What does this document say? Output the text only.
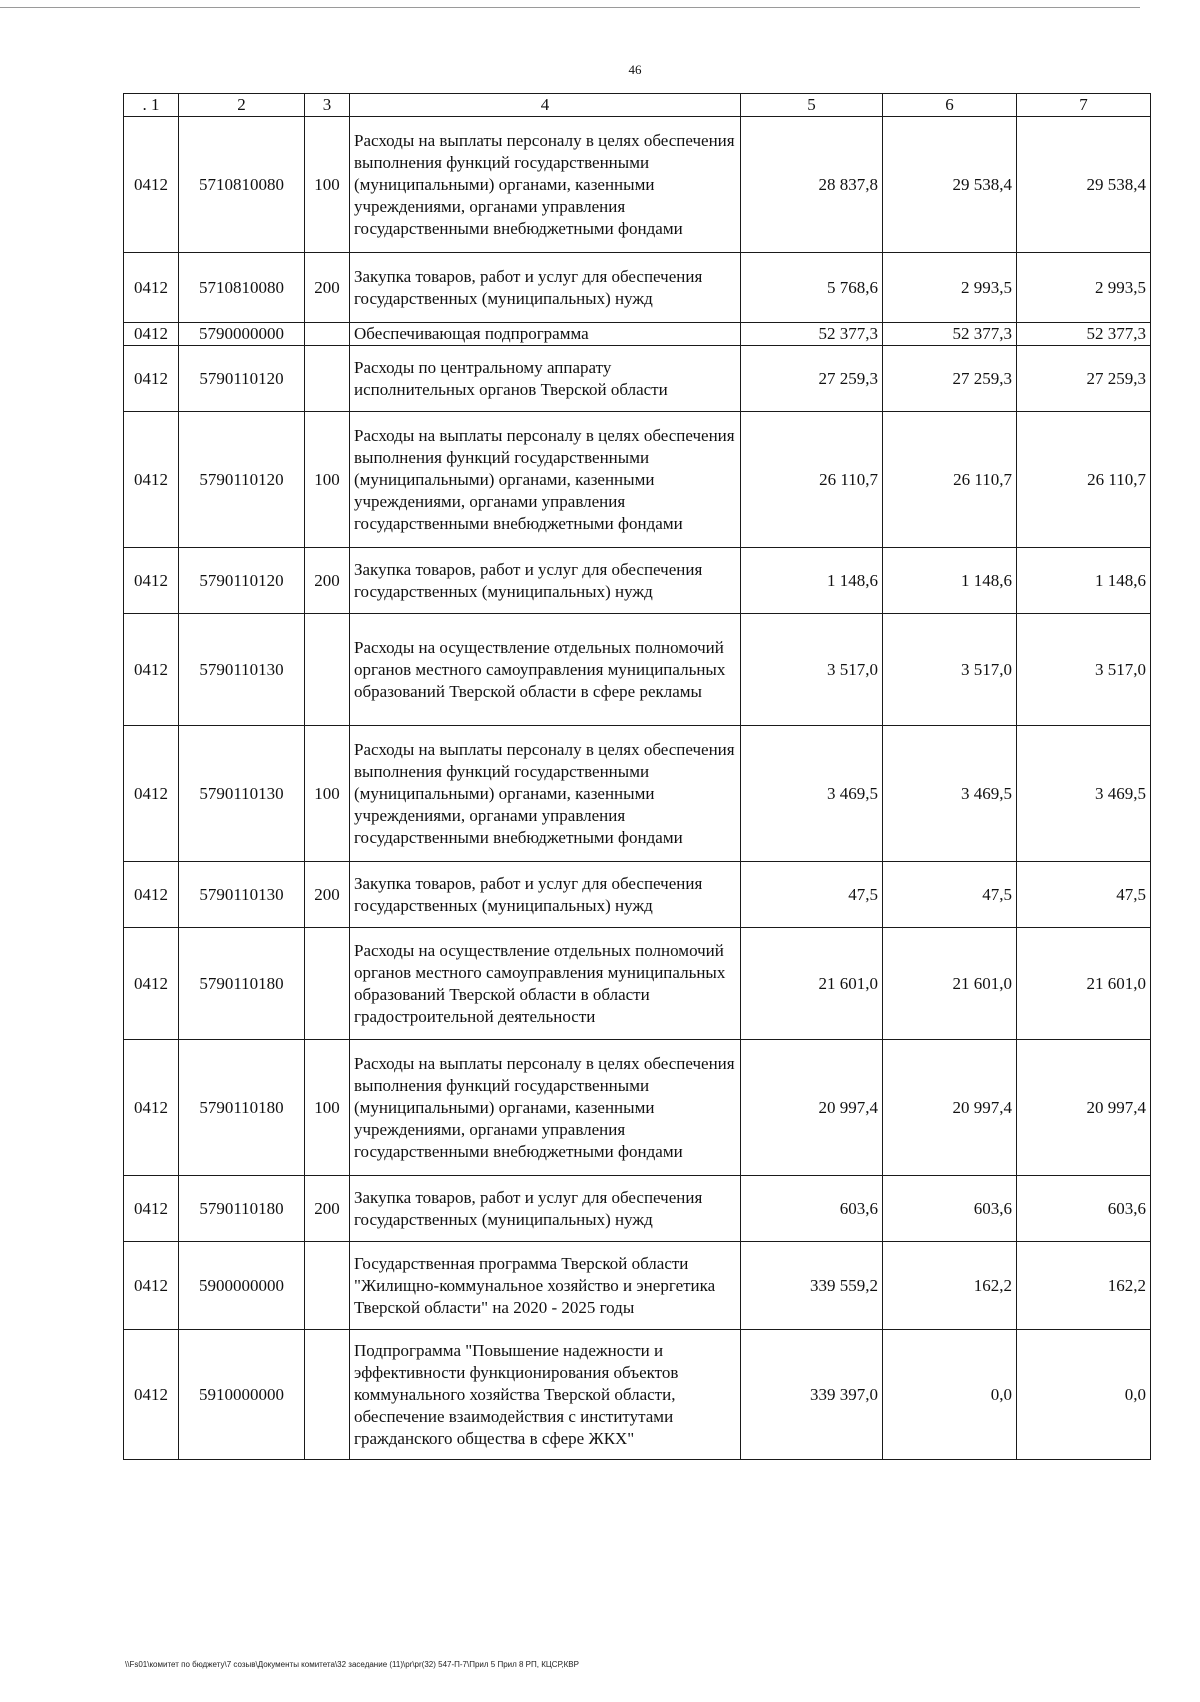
46
. 1	2	3	4	5	6	7
0412	5710810080	100	Расходы на выплаты персоналу в целях обеспечения выполнения функций государственными (муниципальными) органами, казенными учреждениями, органами управления государственными внебюджетными фондами	28 837,8	29 538,4	29 538,4
0412	5710810080	200	Закупка товаров, работ и услуг для обеспечения государственных (муниципальных) нужд	5 768,6	2 993,5	2 993,5
0412	5790000000		Обеспечивающая подпрограмма	52 377,3	52 377,3	52 377,3
0412	5790110120		Расходы по центральному аппарату исполнительных органов Тверской области	27 259,3	27 259,3	27 259,3
0412	5790110120	100	Расходы на выплаты персоналу в целях обеспечения выполнения функций государственными (муниципальными) органами, казенными учреждениями, органами управления государственными внебюджетными фондами	26 110,7	26 110,7	26 110,7
0412	5790110120	200	Закупка товаров, работ и услуг для обеспечения государственных (муниципальных) нужд	1 148,6	1 148,6	1 148,6
0412	5790110130		Расходы на осуществление отдельных полномочий органов местного самоуправления муниципальных образований Тверской области в сфере рекламы	3 517,0	3 517,0	3 517,0
0412	5790110130	100	Расходы на выплаты персоналу в целях обеспечения выполнения функций государственными (муниципальными) органами, казенными учреждениями, органами управления государственными внебюджетными фондами	3 469,5	3 469,5	3 469,5
0412	5790110130	200	Закупка товаров, работ и услуг для обеспечения государственных (муниципальных) нужд	47,5	47,5	47,5
0412	5790110180		Расходы на осуществление отдельных полномочий органов местного самоуправления муниципальных образований Тверской области в области градостроительной деятельности	21 601,0	21 601,0	21 601,0
0412	5790110180	100	Расходы на выплаты персоналу в целях обеспечения выполнения функций государственными (муниципальными) органами, казенными учреждениями, органами управления государственными внебюджетными фондами	20 997,4	20 997,4	20 997,4
0412	5790110180	200	Закупка товаров, работ и услуг для обеспечения государственных (муниципальных) нужд	603,6	603,6	603,6
0412	5900000000		Государственная программа Тверской области "Жилищно-коммунальное хозяйство и энергетика Тверской области" на 2020 - 2025 годы	339 559,2	162,2	162,2
0412	5910000000		Подпрограмма "Повышение надежности и эффективности функционирования объектов коммунального хозяйства Тверской области, обеспечение взаимодействия с институтами гражданского общества в сфере ЖКХ"	339 397,0	0,0	0,0
\\Fs01\комитет по бюджету\7 созыв\Документы комитета\32 заседание (11)\pr\pr(32) 547-П-7\Прил 5 Прил 8 РП, КЦСР,КВР
